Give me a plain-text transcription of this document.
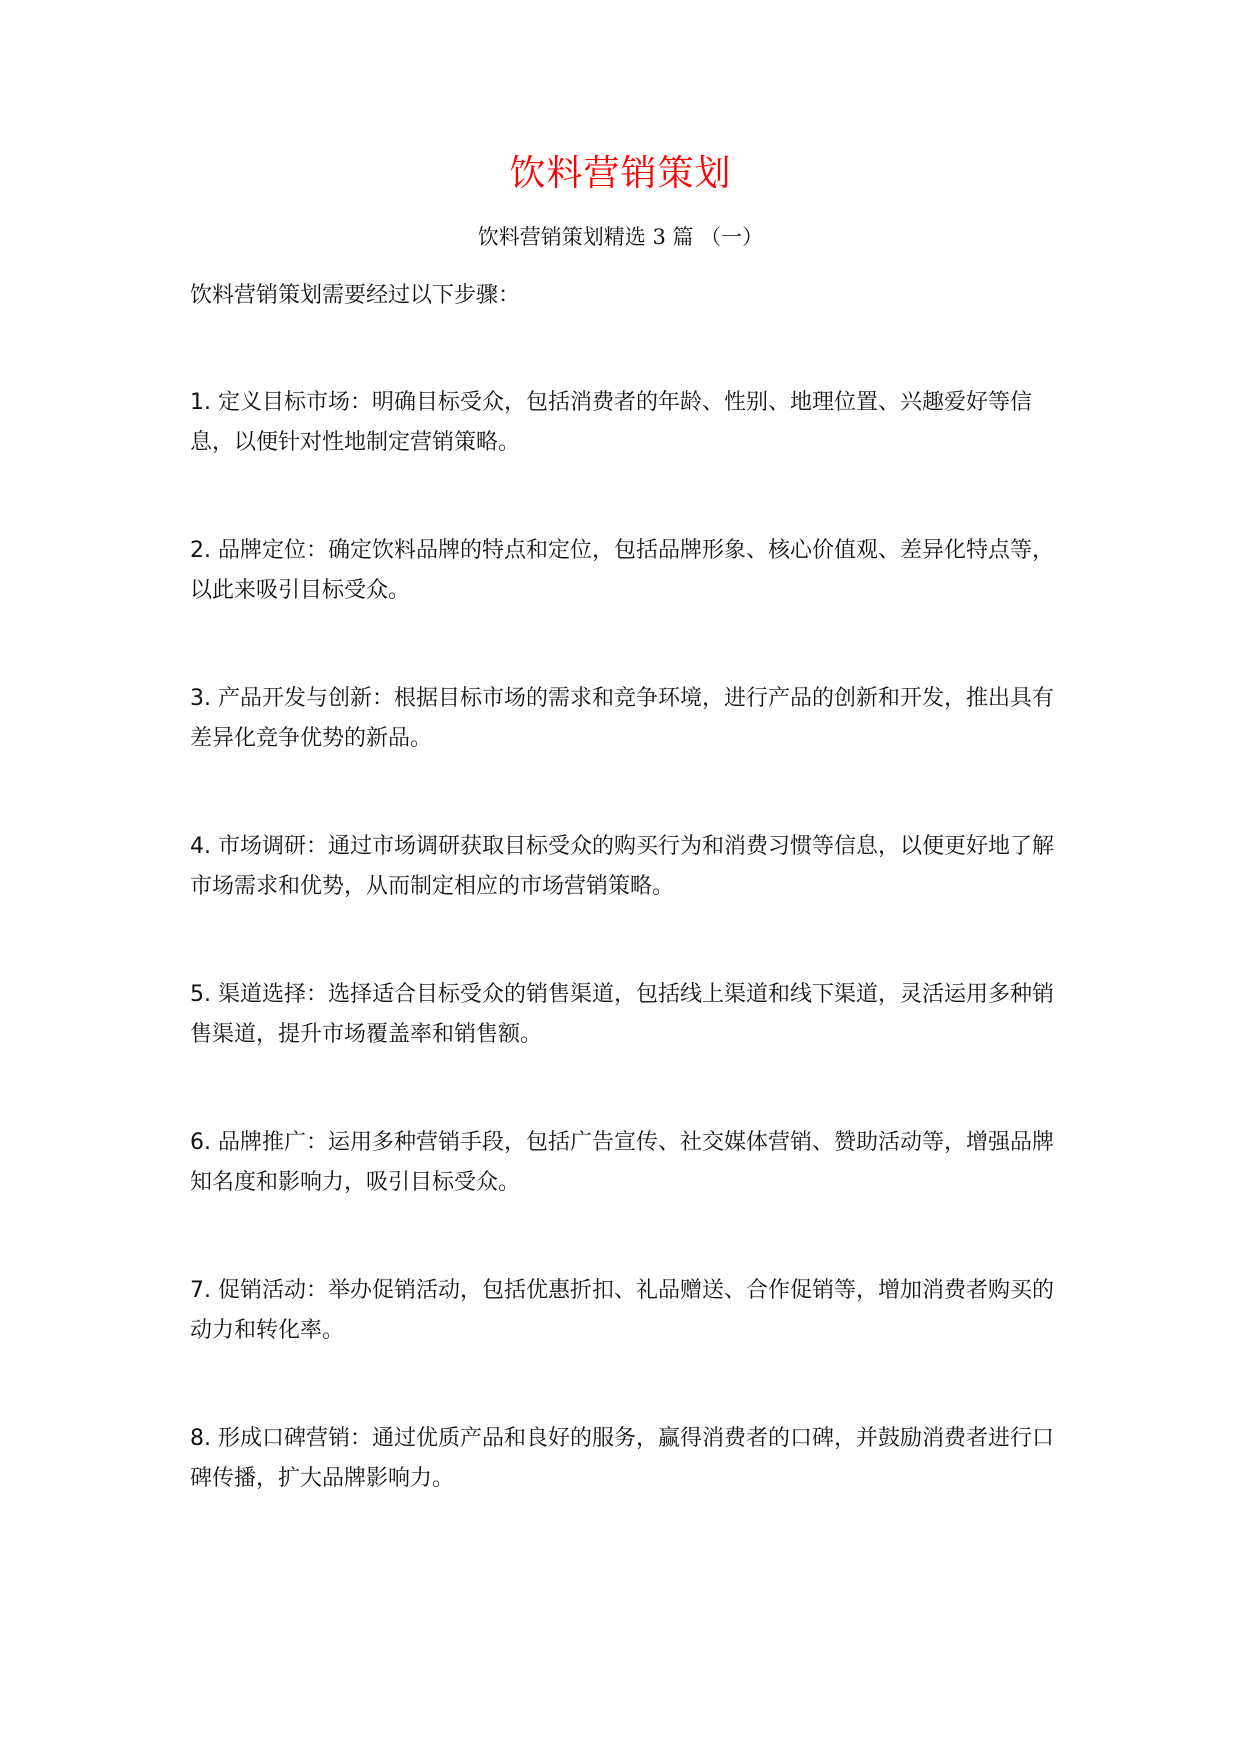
饮料营销策划

饮料营销策划精选 3 篇 （一）

饮料营销策划需要经过以下步骤：

1. 定义目标市场：明确目标受众，包括消费者的年龄、性别、地理位置、兴趣爱好等信息，以便针对性地制定营销策略。

2. 品牌定位：确定饮料品牌的特点和定位，包括品牌形象、核心价值观、差异化特点等，以此来吸引目标受众。

3. 产品开发与创新：根据目标市场的需求和竞争环境，进行产品的创新和开发，推出具有差异化竞争优势的新品。

4. 市场调研：通过市场调研获取目标受众的购买行为和消费习惯等信息，以便更好地了解市场需求和优势，从而制定相应的市场营销策略。

5. 渠道选择：选择适合目标受众的销售渠道，包括线上渠道和线下渠道，灵活运用多种销售渠道，提升市场覆盖率和销售额。

6. 品牌推广：运用多种营销手段，包括广告宣传、社交媒体营销、赞助活动等，增强品牌知名度和影响力，吸引目标受众。

7. 促销活动：举办促销活动，包括优惠折扣、礼品赠送、合作促销等，增加消费者购买的动力和转化率。

8. 形成口碑营销：通过优质产品和良好的服务，赢得消费者的口碑，并鼓励消费者进行口碑传播，扩大品牌影响力。
